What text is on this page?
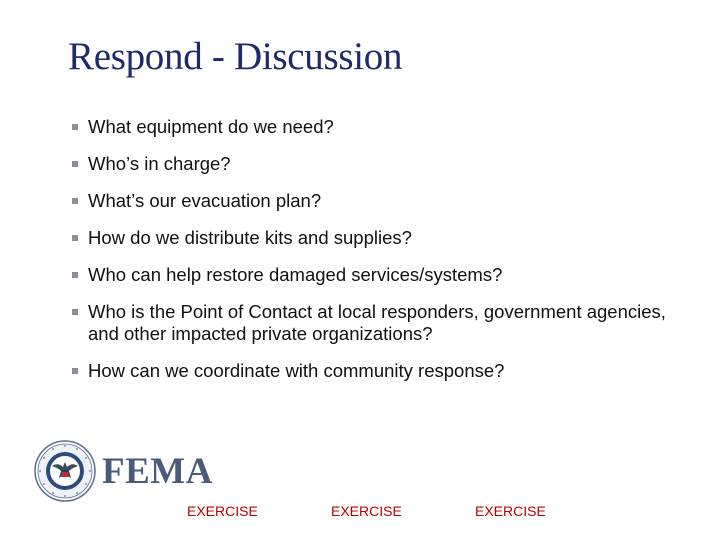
Respond - Discussion
What equipment do we need?
Who’s in charge?
What’s our evacuation plan?
How do we distribute kits and supplies?
Who can help restore damaged services/systems?
Who is the Point of Contact at local responders, government agencies, and other impacted private organizations?
How can we coordinate with community response?
FEMA
EXERCISE	EXERCISE	EXERCISE
